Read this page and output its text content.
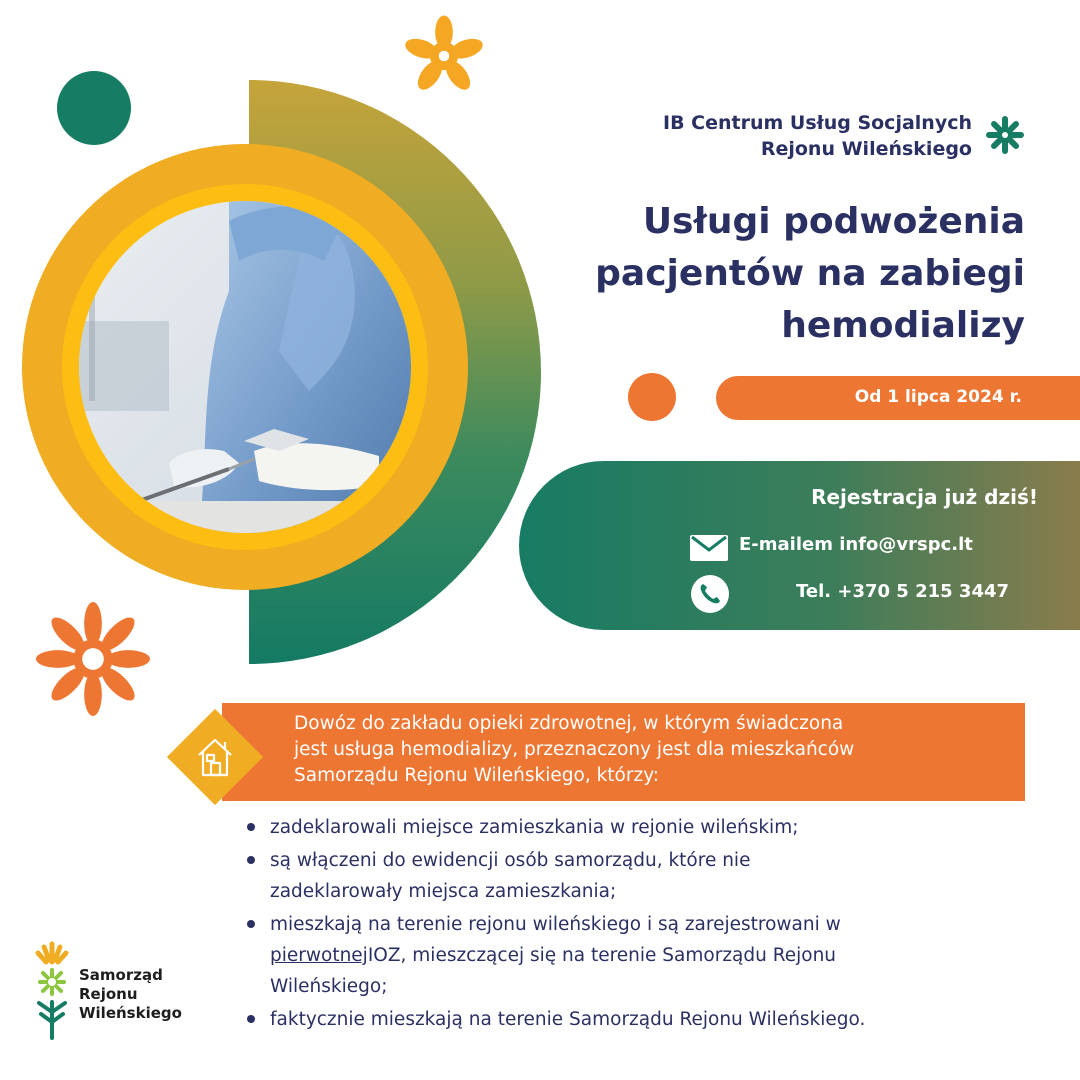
IB Centrum Usług Socjalnych
Rejonu Wileńskiego
Usługi podwożenia
pacjentów na zabiegi
hemodializy
Od 1 lipca 2024 r.
Rejestracja już dziś!
E-mailem info@vrspc.lt
Tel. +370 5 215 3447
Dowóz do zakładu opieki zdrowotnej, w którym świadczona
jest usługa hemodializy, przeznaczony jest dla mieszkańców
Samorządu Rejonu Wileńskiego, którzy:
zadeklarowali miejsce zamieszkania w rejonie wileńskim;
są włączeni do ewidencji osób samorządu, które nie
zadeklarowały miejsca zamieszkania;
mieszkają na terenie rejonu wileńskiego i są zarejestrowani w
pierwotnejIOZ, mieszczącej się na terenie Samorządu Rejonu
Wileńskiego;
faktycznie mieszkają na terenie Samorządu Rejonu Wileńskiego.
Samorząd
Rejonu
Wileńskiego
